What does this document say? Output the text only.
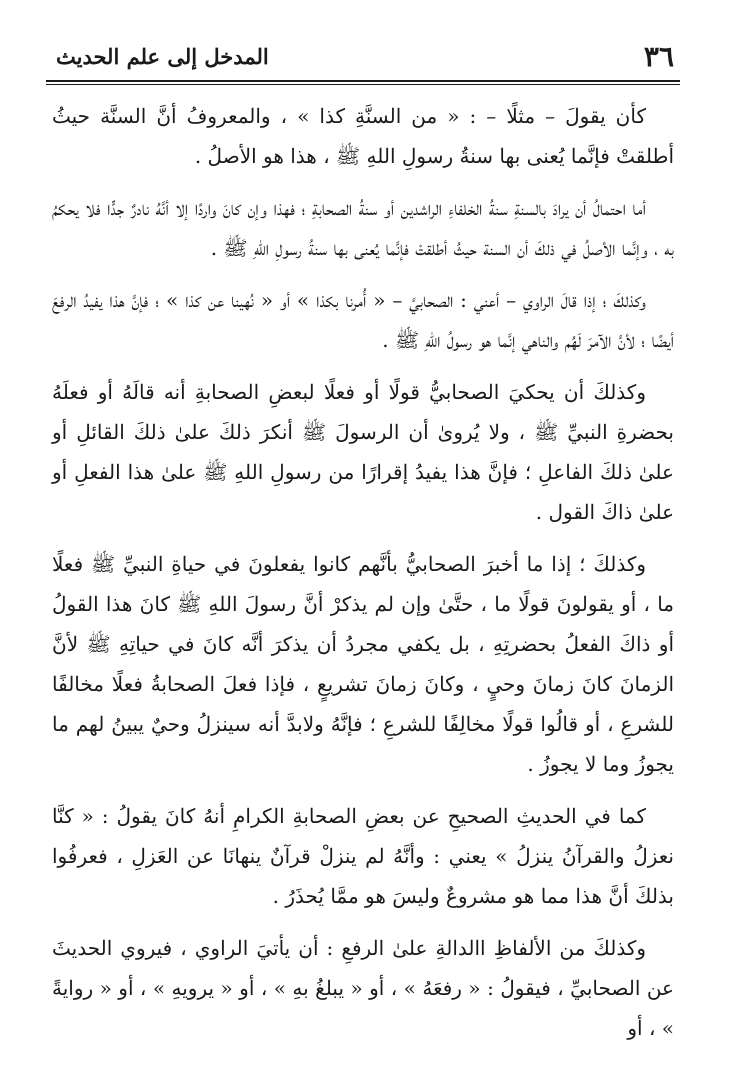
٣٦
المدخل إلى علم الحديث

كأن يقولَ – مثلًا – : « من السنَّةِ كذا » ، والمعروفُ أنَّ السنَّة حيثُ أطلقتْ فإنَّما يُعنى بها سنةُ رسولِ اللهِ ﷺ ، هذا هو الأصلُ .

أما احتمالُ أن يرادَ بالسنةِ سنةُ الخلفاءِ الراشدين أو سنةُ الصحابةِ ؛ فهذا وإن كانَ واردًا إلا أنَّهُ نادرٌ جدًّا فلا يحكمُ به ، وإنَّما الأصلُ في ذلكَ أن السنة حيثُ أطلقتْ فإنَّما يُعنى بها سنةُ رسولِ اللهِ ﷺ .

وكذلكَ ؛ إذا قالَ الراوي – أعني : الصحابيَّ – « أُمرنا بكذا » أو « نُهينا عن كذا » ؛ فإنَّ هذا يفيدُ الرفعَ أيضًا ؛ لأنَّ الآمرَ لَهُم والناهي إنَّما هو رسولُ اللهِ ﷺ .

وكذلكَ أن يحكيَ الصحابيُّ قولًا أو فعلًا لبعضِ الصحابةِ أنه قالَهُ أو فعلَهُ بحضرةِ النبيِّ ﷺ ، ولا يُروىٰ أن الرسولَ ﷺ أنكرَ ذلكَ علىٰ ذلكَ القائلِ أو علىٰ ذلكَ الفاعلِ ؛ فإنَّ هذا يفيدُ إقرارًا من رسولِ اللهِ ﷺ علىٰ هذا الفعلِ أو علىٰ ذاكَ القول .

وكذلكَ ؛ إذا ما أخبرَ الصحابيُّ بأنَّهم كانوا يفعلونَ في حياةِ النبيِّ ﷺ فعلًا ما ، أو يقولونَ قولًا ما ، حتَّىٰ وإن لم يذكرْ أنَّ رسولَ اللهِ ﷺ كانَ هذا القولُ أو ذاكَ الفعلُ بحضرتِهِ ، بل يكفي مجردُ أن يذكرَ أنَّه كانَ في حياتِهِ ﷺ لأنَّ الزمانَ كانَ زمانَ وحيٍ ، وكانَ زمانَ تشريعٍ ، فإذا فعلَ الصحابةُ فعلًا مخالفًا للشرعِ ، أو قالُوا قولًا مخالِفًا للشرعِ ؛ فإنَّهُ ولابدَّ أنه سينزلُ وحيٌ يبينُ لهم ما يجوزُ وما لا يجوزُ .

كما في الحديثِ الصحيحِ عن بعضِ الصحابةِ الكرامِ أنهُ كانَ يقولُ : « كنَّا نعزلُ والقرآنُ ينزلُ » يعني : وأنَّهُ لم ينزلْ قرآنٌ ينهانَا عن العَزلِ ، فعرفُوا بذلكَ أنَّ هذا مما هو مشروعٌ وليسَ هو ممَّا يُحذَرُ .

وكذلكَ من الألفاظِ االدالةِ علىٰ الرفعِ : أن يأتيَ الراوي ، فيروي الحديثَ عن الصحابيِّ ، فيقولُ : « رفعَهُ » ، أو « يبلغُ بهِ » ، أو « يرويهِ » ، أو « روايةً » ، أو
